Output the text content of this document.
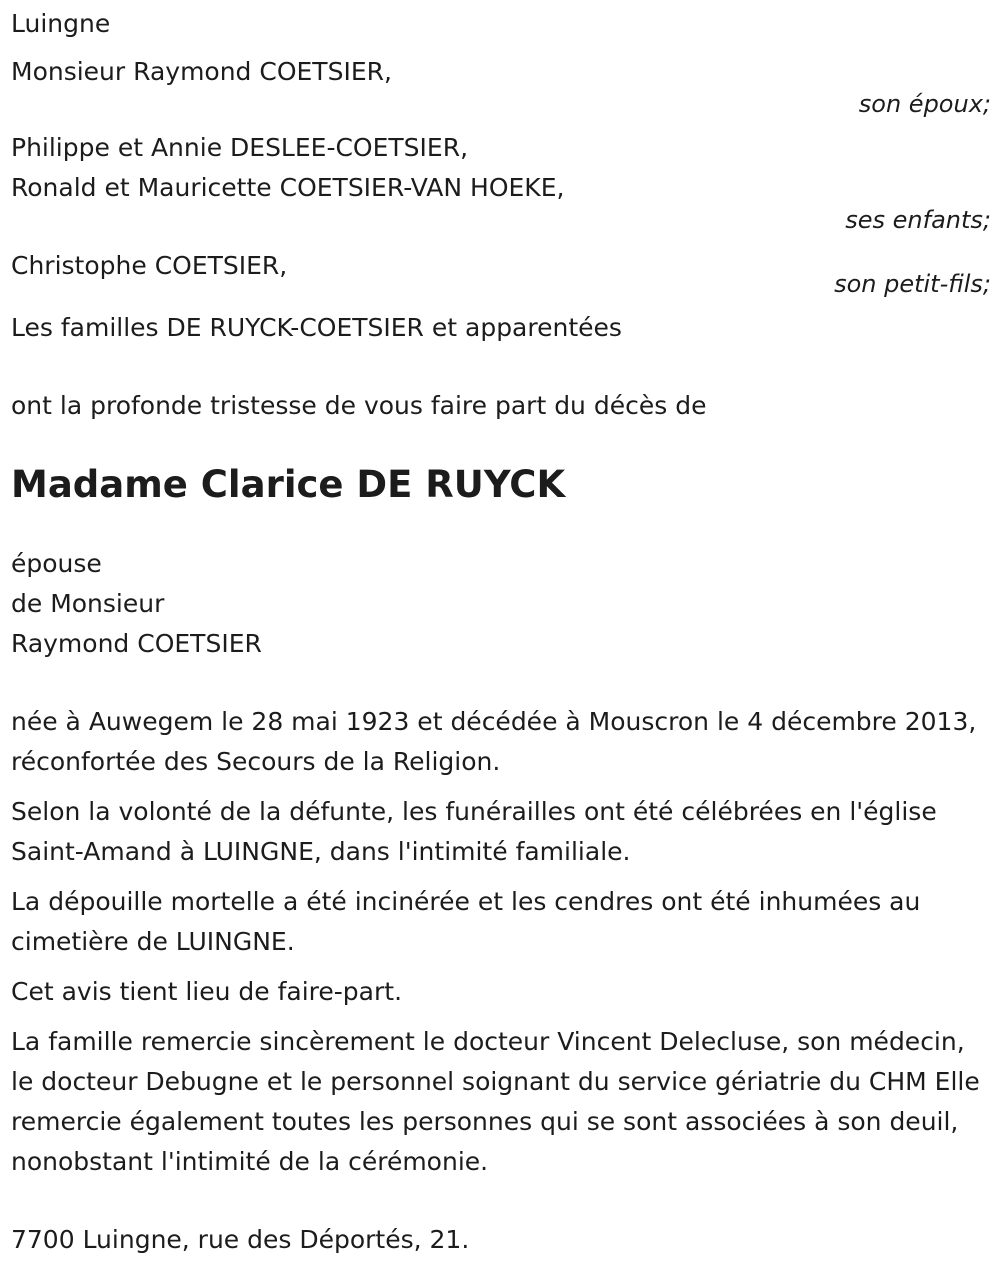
Luingne
Monsieur Raymond COETSIER,
son époux;
Philippe et Annie DESLEE-COETSIER,
Ronald et Mauricette COETSIER-VAN HOEKE,
ses enfants;
Christophe COETSIER,
son petit-fils;
Les familles DE RUYCK-COETSIER et apparentées
ont la profonde tristesse de vous faire part du décès de
Madame Clarice DE RUYCK
épouse
de Monsieur
Raymond COETSIER
née à Auwegem le 28 mai 1923 et décédée à Mouscron le 4 décembre 2013, réconfortée des Secours de la Religion.
Selon la volonté de la défunte, les funérailles ont été célébrées en l'église Saint-Amand à LUINGNE, dans l'intimité familiale.
La dépouille mortelle a été incinérée et les cendres ont été inhumées au cimetière de LUINGNE.
Cet avis tient lieu de faire-part.
La famille remercie sincèrement le docteur Vincent Delecluse, son médecin, le docteur Debugne et le personnel soignant du service gériatrie du CHM Elle remercie également toutes les personnes qui se sont associées à son deuil, nonobstant l'intimité de la cérémonie.
7700 Luingne, rue des Déportés, 21.
